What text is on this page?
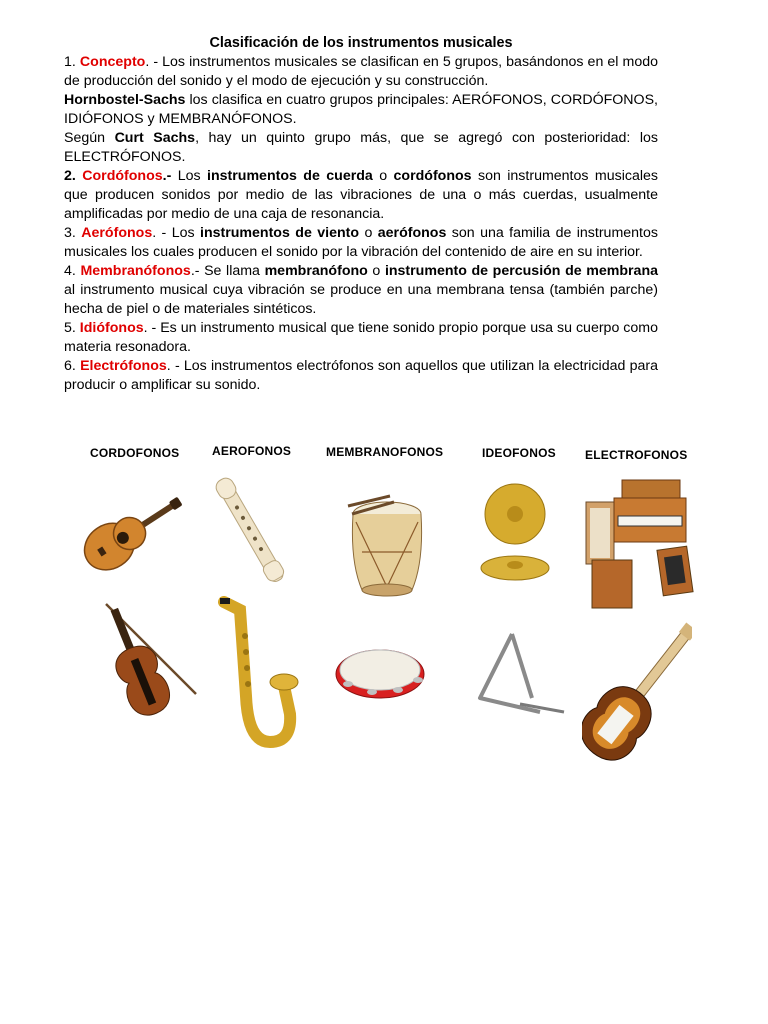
Clasificación de los instrumentos musicales
1. Concepto. - Los instrumentos musicales se clasifican en 5 grupos, basándonos en el modo de producción del sonido y el modo de ejecución y su construcción.
Hornbostel-Sachs los clasifica en cuatro grupos principales: AERÓFONOS, CORDÓFONOS, IDIÓFONOS y MEMBRANÓFONOS.
Según Curt Sachs, hay un quinto grupo más, que se agregó con posterioridad: los ELECTRÓFONOS.
2. Cordófonos.- Los instrumentos de cuerda o cordófonos son instrumentos musicales que producen sonidos por medio de las vibraciones de una o más cuerdas, usualmente amplificadas por medio de una caja de resonancia.
3. Aerófonos. - Los instrumentos de viento o aerófonos son una familia de instrumentos musicales los cuales producen el sonido por la vibración del contenido de aire en su interior.
4. Membranófonos.- Se llama membranófono o instrumento de percusión de membrana al instrumento musical cuya vibración se produce en una membrana tensa (también parche) hecha de piel o de materiales sintéticos.
5. Idiófonos. - Es un instrumento musical que tiene sonido propio porque usa su cuerpo como materia resonadora.
6. Electrófonos. - Los instrumentos electrófonos son aquellos que utilizan la electricidad para producir o amplificar su sonido.
CORDOFONOS	AEROFONOS	MEMBRANOFONOS	IDEOFONOS ELECTROFONOS
